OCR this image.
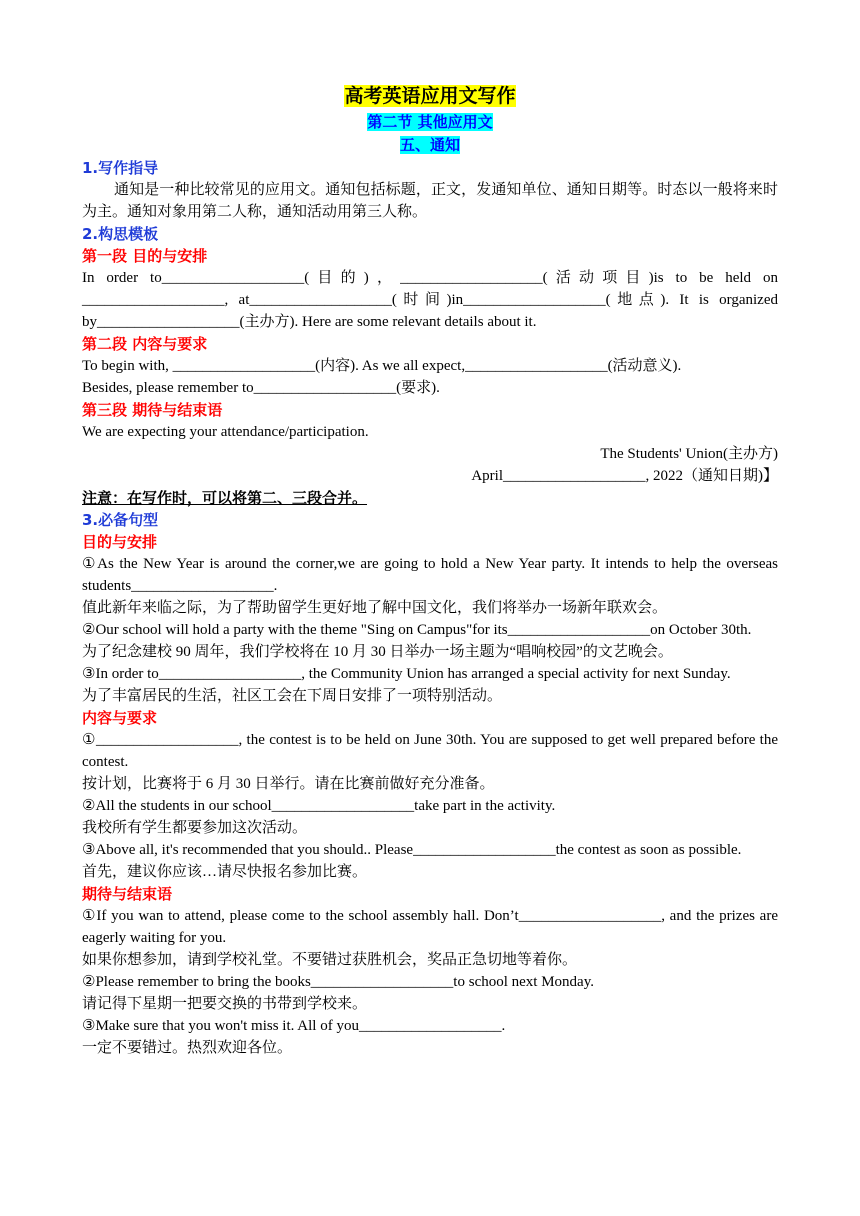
高考英语应用文写作
第二节 其他应用文
五、通知
1.写作指导
通知是一种比较常见的应用文。通知包括标题，正文，发通知单位、通知日期等。时态以一般将来时为主。通知对象用第二人称，通知活动用第三人称。
2.构思模板
第一段 目的与安排
In order to___________________(目的)，___________________(活动项目)is to be held on ___________________, at___________________(时间)in___________________(地点). It is organized by___________________(主办方). Here are some relevant details about it.
第二段 内容与要求
To begin with, ___________________(内容). As we all expect,___________________(活动意义).
Besides, please remember to___________________(要求).
第三段 期待与结束语
We are expecting your attendance/participation.
The Students' Union(主办方)
April___________________, 2022（通知日期)】
注意：在写作时，可以将第二、三段合并。
3.必备句型
目的与安排
①As the New Year is around the corner,we are going to hold a New Year party. It intends to help the overseas students___________________.
值此新年来临之际，为了帮助留学生更好地了解中国文化，我们将举办一场新年联欢会。
②Our school will hold a party with the theme "Sing on Campus"for its___________________on October 30th.
为了纪念建校 90 周年，我们学校将在 10 月 30 日举办一场主题为“唱响校园”的文艺晚会。
③In order to___________________, the Community Union has arranged a special activity for next Sunday.
为了丰富居民的生活，社区工会在下周日安排了一项特别活动。
内容与要求
①___________________, the contest is to be held on June 30th. You are supposed to get well prepared before the contest.
按计划，比赛将于 6 月 30 日举行。请在比赛前做好充分准备。
②All the students in our school___________________take part in the activity.
我校所有学生都要参加这次活动。
③Above all, it's recommended that you should.. Please___________________the contest as soon as possible.
首先，建议你应该…请尽快报名参加比赛。
期待与结束语
①If you wan to attend, please come to the school assembly hall. Don’t___________________, and the prizes are eagerly waiting for you.
如果你想参加，请到学校礼堂。不要错过获胜机会，奖品正急切地等着你。
②Please remember to bring the books___________________to school next Monday.
请记得下星期一把要交换的书带到学校来。
③Make sure that you won't miss it. All of you___________________.
一定不要错过。热烈欢迎各位。
